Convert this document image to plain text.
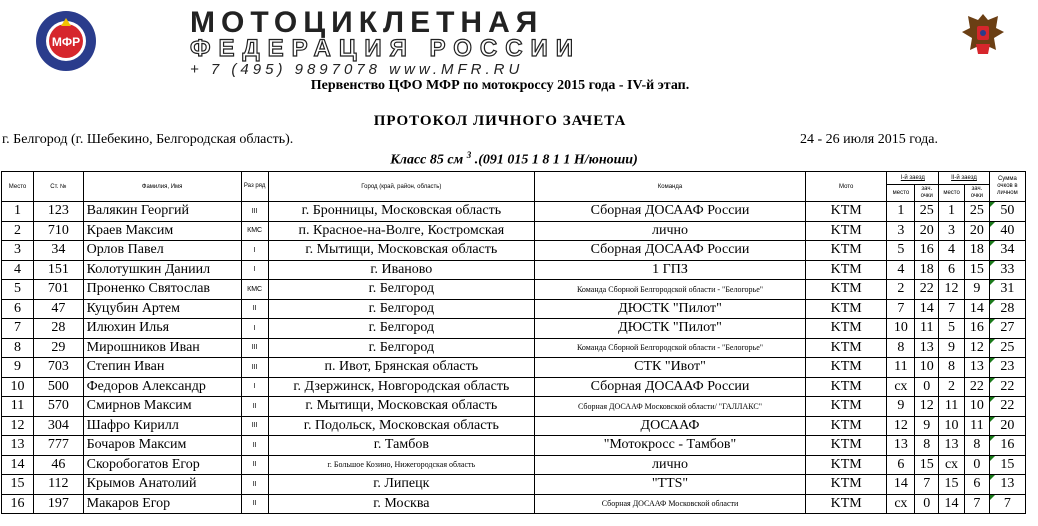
МФР
МОТОЦИКЛЕТНАЯ
ФЕДЕРАЦИЯ РОССИИ
+ 7 (495) 9897078 www.MFR.RU
Первенство ЦФО МФР по мотокроссу 2015 года - IV-й этап.
ПРОТОКОЛ ЛИЧНОГО ЗАЧЕТА
г. Белгород (г. Шебекино, Белгородская область).	24 - 26 июля 2015 года.
Класс 85 см $^3$ .(091 015 1 8 1 1 Н/юноши)
Место	Ст. №	Фамилия, Имя	Раз ряд	Город (край, район, область)	Команда	Мото	I-й заезд		II-й заезд		Сумма очков в личном
							место	зач. очки	место	зач. очки	
1	123	Валякин Георгий	III	г. Бронницы, Московская область	Сборная ДОСААФ России	KTM	1	25	1	25	50
2	710	Краев Максим	КМС	п. Красное-на-Волге, Костромская	лично	KTM	3	20	3	20	40
3	34	Орлов Павел	I	г. Мытищи, Московская область	Сборная ДОСААФ России	KTM	5	16	4	18	34
4	151	Колотушкин Даниил	I	г. Иваново	1 ГПЗ	KTM	4	18	6	15	33
5	701	Проненко Святослав	КМС	г. Белгород	Команда Сборной Белгородской области - "Белогорье"	KTM	2	22	12	9	31
6	47	Куцубин Артем	II	г. Белгород	ДЮСТК "Пилот"	KTM	7	14	7	14	28
7	28	Илюхин Илья	I	г. Белгород	ДЮСТК "Пилот"	KTM	10	11	5	16	27
8	29	Мирошников Иван	III	г. Белгород	Команда Сборной Белгородской области - "Белогорье"	KTM	8	13	9	12	25
9	703	Степин Иван	III	п. Ивот, Брянская область	СТК "Ивот"	KTM	11	10	8	13	23
10	500	Федоров Александр	I	г. Дзержинск, Новгородская область	Сборная ДОСААФ России	KTM	сх	0	2	22	22
11	570	Смирнов Максим	II	г. Мытищи, Московская область	Сборная ДОСААФ Московской области/ "ГАЛЛАКС"	KTM	9	12	11	10	22
12	304	Шафро Кирилл	III	г. Подольск, Московская область	ДОСААФ	KTM	12	9	10	11	20
13	777	Бочаров Максим	II	г. Тамбов	"Мотокросс - Тамбов"	KTM	13	8	13	8	16
14	46	Скоробогатов Егор	II	г. Большое Козино, Нижегородская область	лично	KTM	6	15	сх	0	15
15	112	Крымов Анатолий	II	г. Липецк	"TTS"	KTM	14	7	15	6	13
16	197	Макаров Егор	II	г. Москва	Сборная ДОСААФ Московской области	KTM	сх	0	14	7	7
